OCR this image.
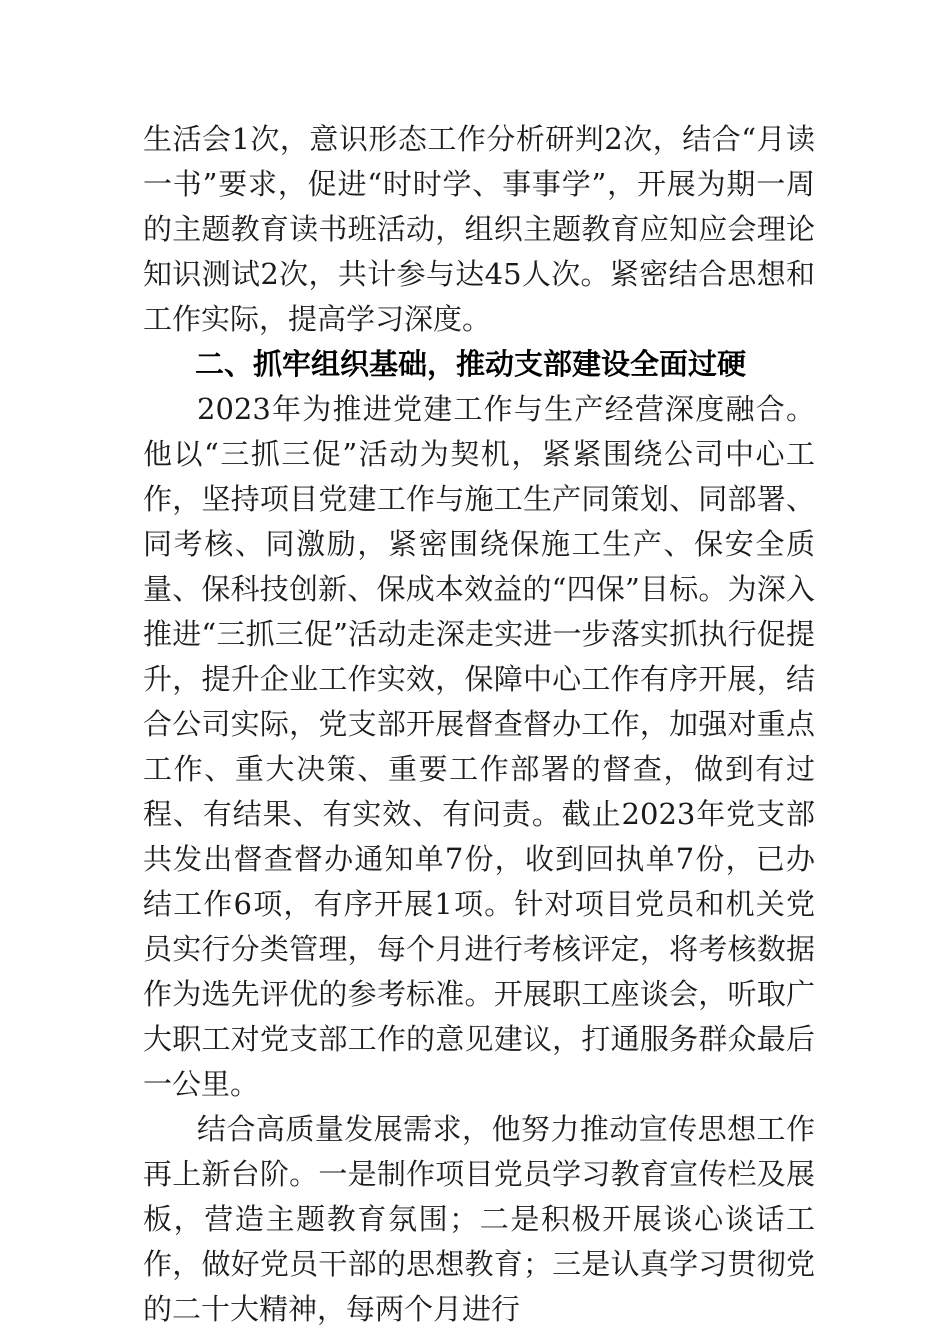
生活会1次，意识形态工作分析研判2次，结合“月读一书”要求，促进“时时学、事事学”，开展为期一周的主题教育读书班活动，组织主题教育应知应会理论知识测试2次，共计参与达45人次。紧密结合思想和工作实际，提高学习深度。

二、抓牢组织基础，推动支部建设全面过硬

2023年为推进党建工作与生产经营深度融合。他以“三抓三促”活动为契机，紧紧围绕公司中心工作，坚持项目党建工作与施工生产同策划、同部署、同考核、同激励，紧密围绕保施工生产、保安全质量、保科技创新、保成本效益的“四保”目标。为深入推进“三抓三促”活动走深走实进一步落实抓执行促提升，提升企业工作实效，保障中心工作有序开展，结合公司实际，党支部开展督查督办工作，加强对重点工作、重大决策、重要工作部署的督查，做到有过程、有结果、有实效、有问责。截止2023年党支部共发出督查督办通知单7份，收到回执单7份，已办结工作6项，有序开展1项。针对项目党员和机关党员实行分类管理，每个月进行考核评定，将考核数据作为选先评优的参考标准。开展职工座谈会，听取广大职工对党支部工作的意见建议，打通服务群众最后一公里。

结合高质量发展需求，他努力推动宣传思想工作再上新台阶。一是制作项目党员学习教育宣传栏及展板，营造主题教育氛围；二是积极开展谈心谈话工作，做好党员干部的思想教育；三是认真学习贯彻党的二十大精神，每两个月进行
